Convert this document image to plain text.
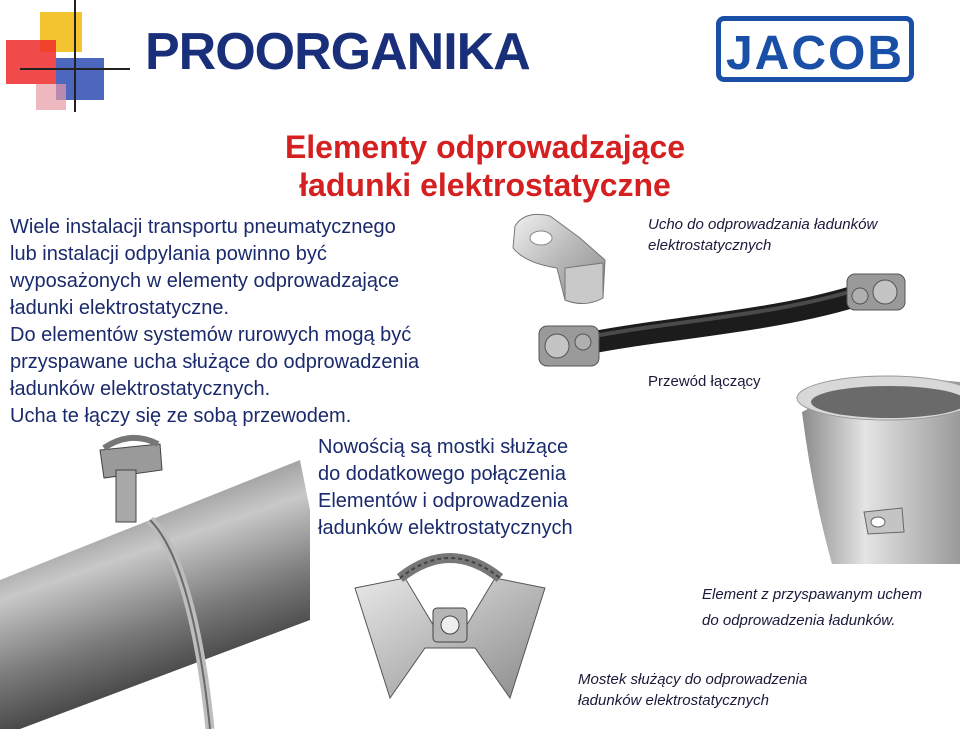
PROORGANIKA	JACOB
Elementy odprowadzające
ładunki elektrostatyczne
Wiele instalacji transportu pneumatycznego
lub instalacji odpylania powinno być
wyposażonych w elementy odprowadzające
ładunki elektrostatyczne.
Do elementów systemów rurowych mogą być
przyspawane ucha służące do odprowadzenia
ładunków elektrostatycznych.
Ucha te łączy się ze sobą przewodem.
Nowością są mostki służące
do dodatkowego połączenia
Elementów i odprowadzenia
ładunków elektrostatycznych
Ucho do odprowadzania ładunków
elektrostatycznych
Przewód łączący
Element z przyspawanym uchem
do odprowadzenia ładunków.
Mostek służący do odprowadzenia
ładunków elektrostatycznych
